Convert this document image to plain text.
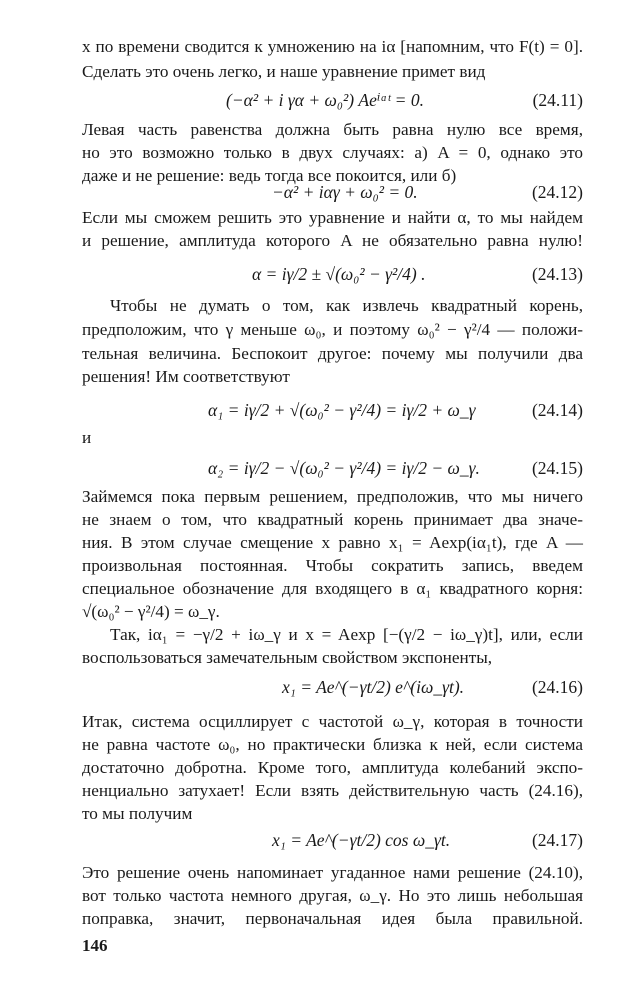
x по времени сводится к умножению на iα [напомним, что F(t) = 0].
Сделать это очень легко, и наше уравнение примет вид
(−α² + i γα + ω₀²) Aeⁱᵅᵗ = 0.	(24.11)
Левая часть равенства должна быть равна нулю все время,
но это возможно только в двух случаях: а) A = 0, однако это
даже и не решение: ведь тогда все покоится, или б)
−α² + iαγ + ω₀² = 0.	(24.12)
Если мы сможем решить это уравнение и найти α, то мы найдем
и решение, амплитуда которого A не обязательно равна нулю!
α = iγ/2 ± √(ω₀² − γ²/4) .	(24.13)
Чтобы не думать о том, как извлечь квадратный корень,
предположим, что γ меньше ω₀, и поэтому ω₀² − γ²/4 — положи-
тельная величина. Беспокоит другое: почему мы получили два
решения! Им соответствуют
α₁ = iγ/2 + √(ω₀² − γ²/4) = iγ/2 + ω_γ	(24.14)
и
α₂ = iγ/2 − √(ω₀² − γ²/4) = iγ/2 − ω_γ.	(24.15)
Займемся пока первым решением, предположив, что мы ничего
не знаем о том, что квадратный корень принимает два значе-
ния. В этом случае смещение x равно x₁ = Aexp(iα₁t), где A —
произвольная постоянная. Чтобы сократить запись, введем
специальное обозначение для входящего в α₁ квадратного корня:
√(ω₀² − γ²/4) = ω_γ.
Так, iα₁ = −γ/2 + iω_γ и x = Aexp [−(γ/2 − iω_γ)t], или, если
воспользоваться замечательным свойством экспоненты,
x₁ = Ae^(−γt/2) e^(iω_γt).	(24.16)
Итак, система осциллирует с частотой ω_γ, которая в точности
не равна частоте ω₀, но практически близка к ней, если система
достаточно добротна. Кроме того, амплитуда колебаний экспо-
ненциально затухает! Если взять действительную часть (24.16),
то мы получим
x₁ = Ae^(−γt/2) cos ω_γt.	(24.17)
Это решение очень напоминает угаданное нами решение (24.10),
вот только частота немного другая, ω_γ. Но это лишь небольшая
поправка, значит, первоначальная идея была правильной.
146
